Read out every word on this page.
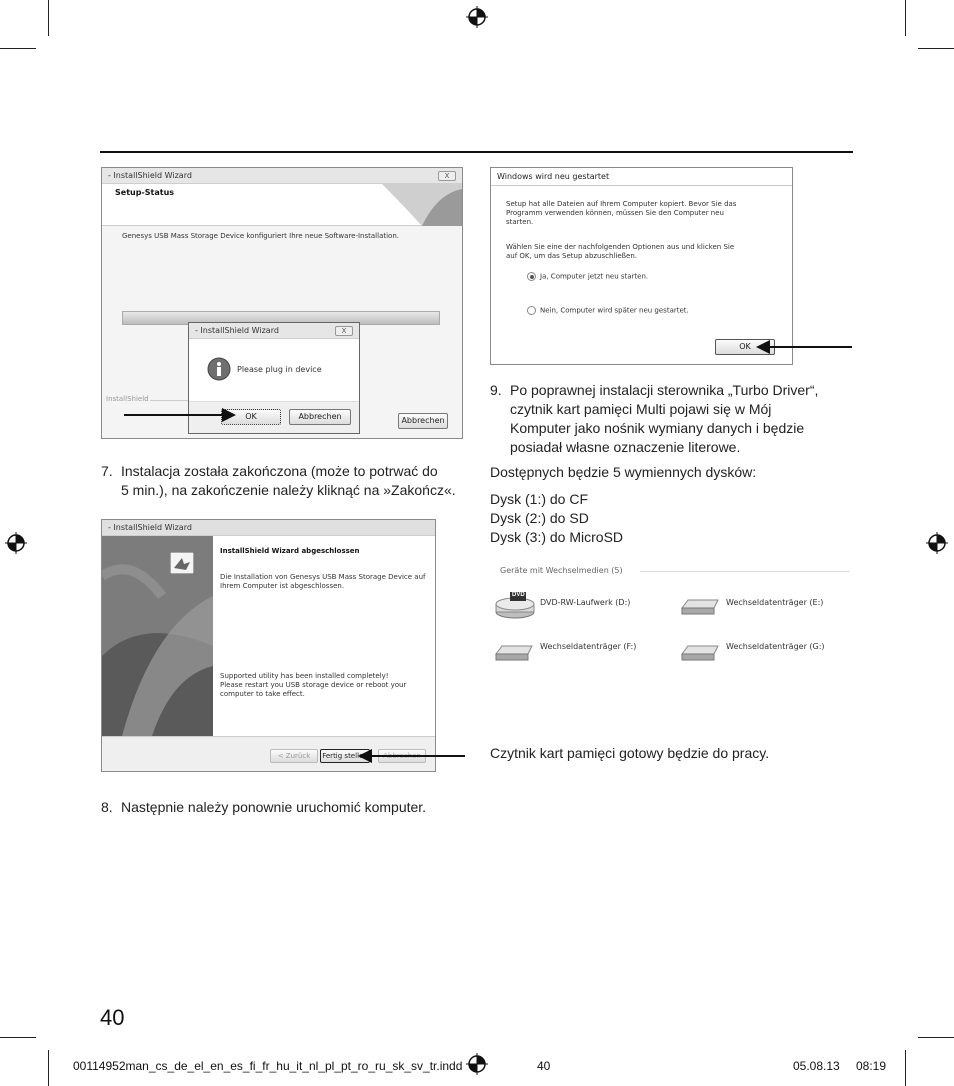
- InstallShield Wizard	X
Setup-Status
Genesys USB Mass Storage Device konfiguriert Ihre neue Software-Installation.
InstallShield
Abbrechen
- InstallShield Wizard	X
Please plug in device
OK	Abbrechen
7. Instalacja została zakończona (może to potrwać do
5 min.), na zakończenie należy kliknąć na »Zakończ«.
- InstallShield Wizard
InstallShield Wizard abgeschlossen
Die Installation von Genesys USB Mass Storage Device auf
Ihrem Computer ist abgeschlossen.
Supported utility has been installed completely!
Please restart you USB storage device or reboot your
computer to take effect.
< Zurück	Fertig stellen
8. Następnie należy ponownie uruchomić komputer.
Windows wird neu gestartet
Setup hat alle Dateien auf Ihrem Computer kopiert. Bevor Sie das
Programm verwenden können, müssen Sie den Computer neu
starten.
Wählen Sie eine der nachfolgenden Optionen aus und klicken Sie
auf OK, um das Setup abzuschließen.
Ja, Computer jetzt neu starten.
Nein, Computer wird später neu gestartet.
OK
9. Po poprawnej instalacji sterownika „Turbo Driver“,
czytnik kart pamięci Multi pojawi się w Mój
Komputer jako nośnik wymiany danych i będzie
posiadał własne oznaczenie literowe.
Dostępnych będzie 5 wymiennych dysków:
Dysk (1:) do CF
Dysk (2:) do SD
Dysk (3:) do MicroSD
Geräte mit Wechselmedien (5)
DVD
DVD-RW-Laufwerk (D:)	Wechseldatenträger (E:)
Wechseldatenträger (F:)	Wechseldatenträger (G:)
Czytnik kart pamięci gotowy będzie do pracy.
40
00114952man_cs_de_el_en_es_fi_fr_hu_it_nl_pl_pt_ro_ru_sk_sv_tr.indd	40	05.08.13 08:19
